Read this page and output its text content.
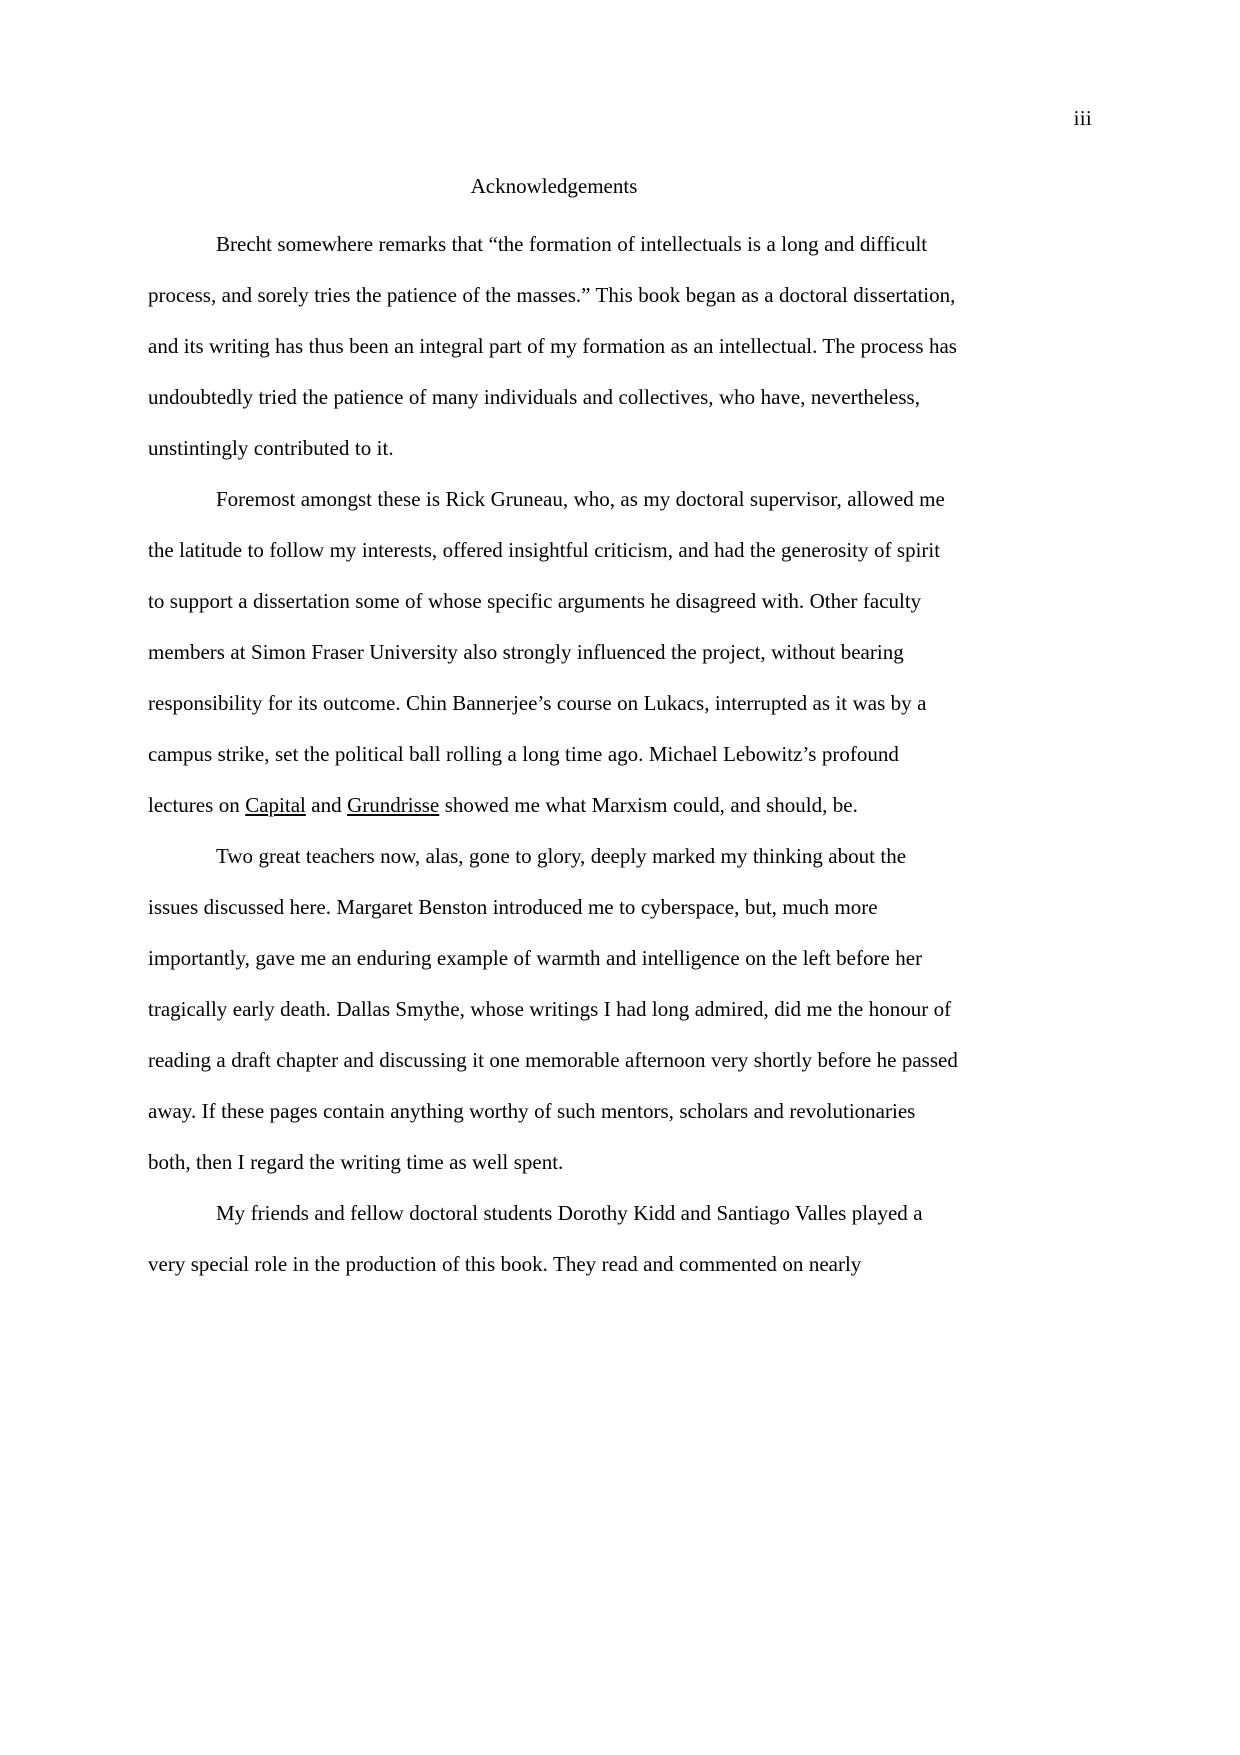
iii
Acknowledgements

Brecht somewhere remarks that “the formation of intellectuals is a long and difficult process, and sorely tries the patience of the masses.” This book began as a doctoral dissertation, and its writing has thus been an integral part of my formation as an intellectual. The process has undoubtedly tried the patience of many individuals and collectives, who have, nevertheless, unstintingly contributed to it.

Foremost amongst these is Rick Gruneau, who, as my doctoral supervisor, allowed me the latitude to follow my interests, offered insightful criticism, and had the generosity of spirit to support a dissertation some of whose specific arguments he disagreed with. Other faculty members at Simon Fraser University also strongly influenced the project, without bearing responsibility for its outcome. Chin Bannerjee’s course on Lukacs, interrupted as it was by a campus strike, set the political ball rolling a long time ago. Michael Lebowitz’s profound lectures on Capital and Grundrisse showed me what Marxism could, and should, be.

Two great teachers now, alas, gone to glory, deeply marked my thinking about the issues discussed here. Margaret Benston introduced me to cyberspace, but, much more importantly, gave me an enduring example of warmth and intelligence on the left before her tragically early death. Dallas Smythe, whose writings I had long admired, did me the honour of reading a draft chapter and discussing it one memorable afternoon very shortly before he passed away. If these pages contain anything worthy of such mentors, scholars and revolutionaries both, then I regard the writing time as well spent.

My friends and fellow doctoral students Dorothy Kidd and Santiago Valles played a very special role in the production of this book. They read and commented on nearly
